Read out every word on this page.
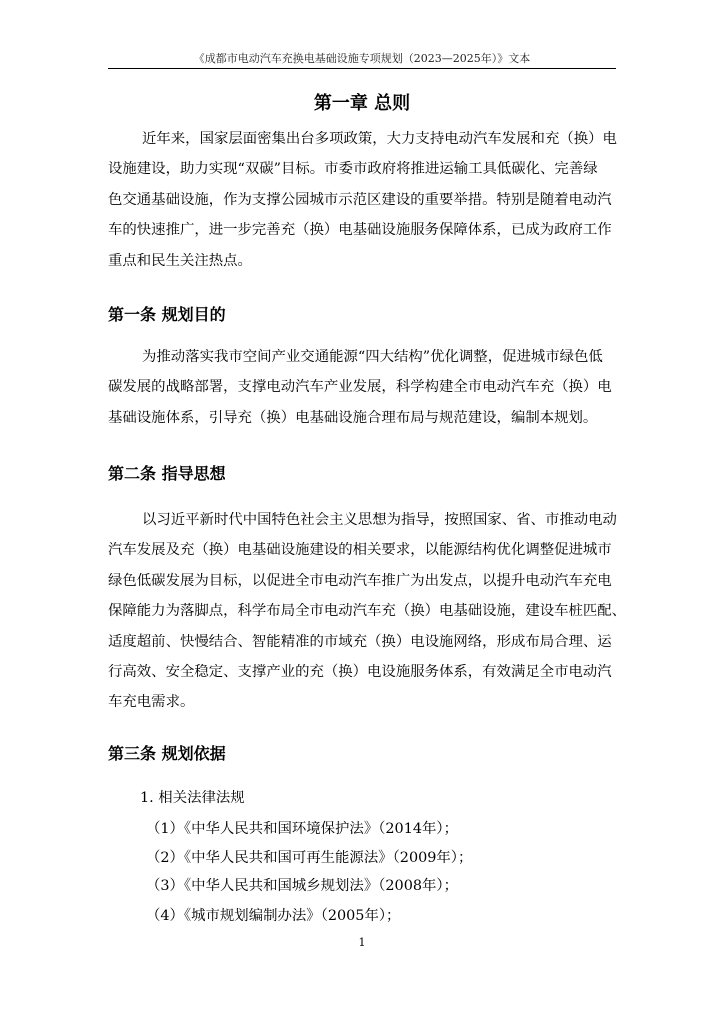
《成都市电动汽车充换电基础设施专项规划（2023—2025年）》文本
第一章 总则

近年来，国家层面密集出台多项政策，大力支持电动汽车发展和充（换）电
设施建设，助力实现“双碳”目标。市委市政府将推进运输工具低碳化、完善绿
色交通基础设施，作为支撑公园城市示范区建设的重要举措。特别是随着电动汽
车的快速推广，进一步完善充（换）电基础设施服务保障体系，已成为政府工作
重点和民生关注热点。

第一条 规划目的

为推动落实我市空间产业交通能源“四大结构”优化调整，促进城市绿色低
碳发展的战略部署，支撑电动汽车产业发展，科学构建全市电动汽车充（换）电
基础设施体系，引导充（换）电基础设施合理布局与规范建设，编制本规划。

第二条 指导思想

以习近平新时代中国特色社会主义思想为指导，按照国家、省、市推动电动
汽车发展及充（换）电基础设施建设的相关要求，以能源结构优化调整促进城市
绿色低碳发展为目标，以促进全市电动汽车推广为出发点，以提升电动汽车充电
保障能力为落脚点，科学布局全市电动汽车充（换）电基础设施，建设车桩匹配、
适度超前、快慢结合、智能精准的市域充（换）电设施网络，形成布局合理、运
行高效、安全稳定、支撑产业的充（换）电设施服务体系，有效满足全市电动汽
车充电需求。

第三条 规划依据
1. 相关法律法规
（1）《中华人民共和国环境保护法》（2014年）；
（2）《中华人民共和国可再生能源法》（2009年）；
（3）《中华人民共和国城乡规划法》（2008年）；
（4）《城市规划编制办法》（2005年）；
1
